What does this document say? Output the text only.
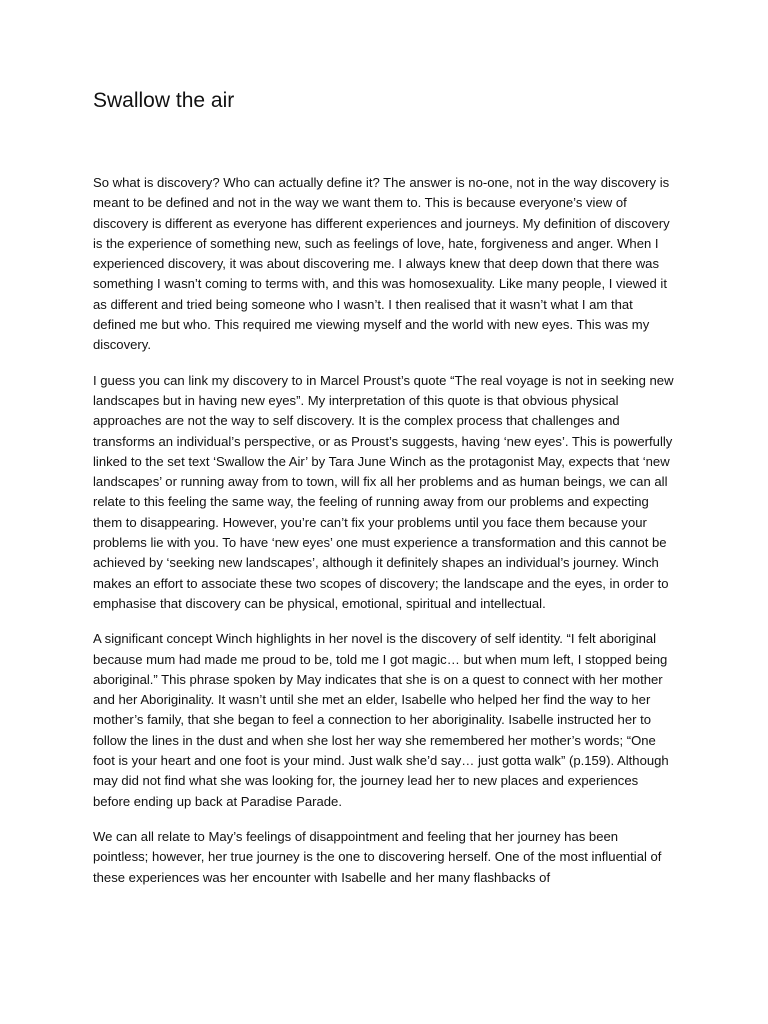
Swallow the air

So what is discovery? Who can actually define it? The answer is no-one, not in the way discovery is meant to be defined and not in the way we want them to. This is because everyone’s view of discovery is different as everyone has different experiences and journeys. My definition of discovery is the experience of something new, such as feelings of love, hate, forgiveness and anger. When I experienced discovery, it was about discovering me. I always knew that deep down that there was something I wasn’t coming to terms with, and this was homosexuality. Like many people, I viewed it as different and tried being someone who I wasn’t. I then realised that it wasn’t what I am that defined me but who. This required me viewing myself and the world with new eyes. This was my discovery.

I guess you can link my discovery to in Marcel Proust’s quote “The real voyage is not in seeking new landscapes but in having new eyes”. My interpretation of this quote is that obvious physical approaches are not the way to self discovery. It is the complex process that challenges and transforms an individual’s perspective, or as Proust’s suggests, having ‘new eyes’. This is powerfully linked to the set text ‘Swallow the Air’ by Tara June Winch as the protagonist May, expects that ‘new landscapes’ or running away from to town, will fix all her problems and as human beings, we can all relate to this feeling the same way, the feeling of running away from our problems and expecting them to disappearing. However, you’re can’t fix your problems until you face them because your problems lie with you. To have ‘new eyes’ one must experience a transformation and this cannot be achieved by ‘seeking new landscapes’, although it definitely shapes an individual’s journey. Winch makes an effort to associate these two scopes of discovery; the landscape and the eyes, in order to emphasise that discovery can be physical, emotional, spiritual and intellectual.

A significant concept Winch highlights in her novel is the discovery of self identity. “I felt aboriginal because mum had made me proud to be, told me I got magic… but when mum left, I stopped being aboriginal.” This phrase spoken by May indicates that she is on a quest to connect with her mother and her Aboriginality. It wasn’t until she met an elder, Isabelle who helped her find the way to her mother’s family, that she began to feel a connection to her aboriginality. Isabelle instructed her to follow the lines in the dust and when she lost her way she remembered her mother’s words; “One foot is your heart and one foot is your mind. Just walk she’d say… just gotta walk” (p.159). Although may did not find what she was looking for, the journey lead her to new places and experiences before ending up back at Paradise Parade.

We can all relate to May’s feelings of disappointment and feeling that her journey has been pointless; however, her true journey is the one to discovering herself. One of the most influential of these experiences was her encounter with Isabelle and her many flashbacks of
